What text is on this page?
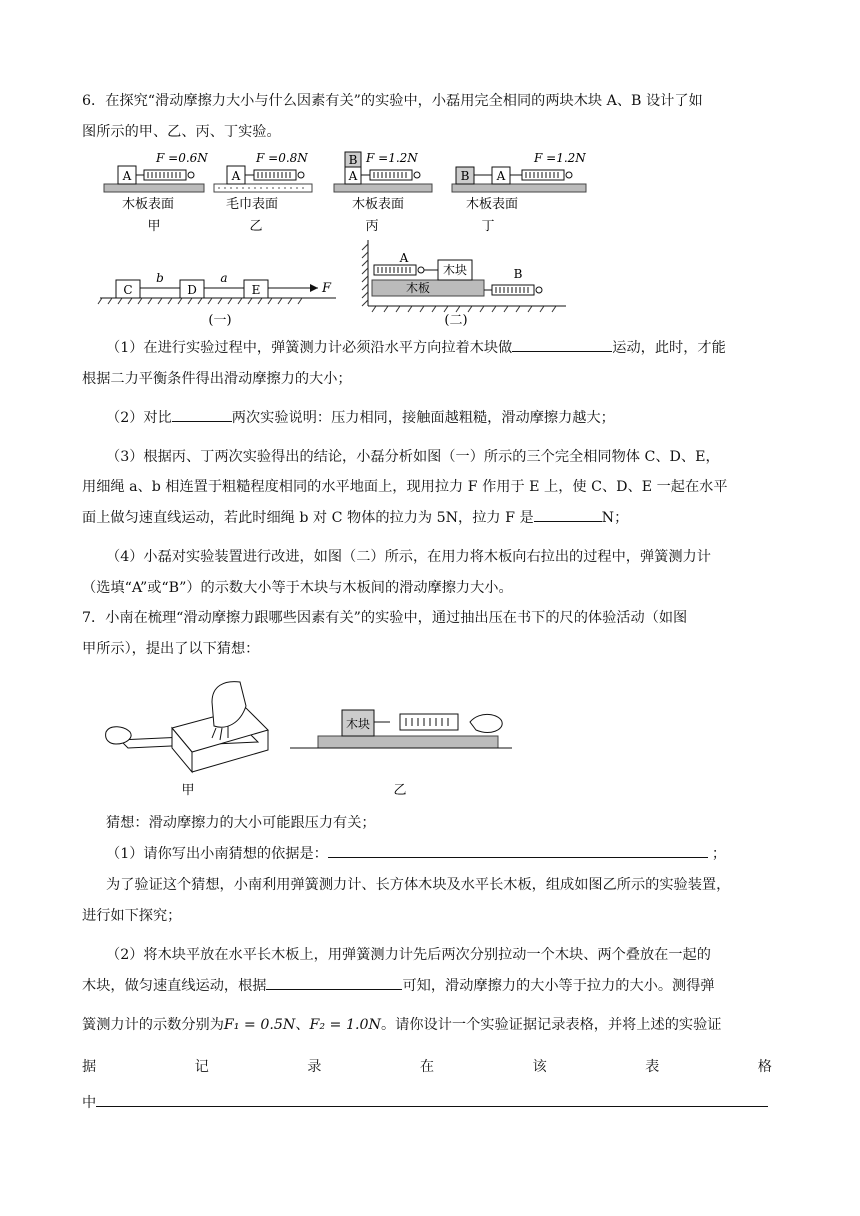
6．在探究“滑动摩擦力大小与什么因素有关”的实验中，小磊用完全相同的两块木块 A、B 设计了如
图所示的甲、乙、丙、丁实验。
A
F =0.6N
木板表面
甲
A
F =0.8N
毛巾表面
乙
B
A
F =1.2N
木板表面
丙
B A
F =1.2N
木板表面
丁
C
b
D
a
E	F
(一)
木板
A
木块	B
(二)
（1）在进行实验过程中，弹簧测力计必须沿水平方向拉着木块做	运动，此时，才能
根据二力平衡条件得出滑动摩擦力的大小；
（2）对比	两次实验说明：压力相同，接触面越粗糙，滑动摩擦力越大；
（3）根据丙、丁两次实验得出的结论，小磊分析如图（一）所示的三个完全相同物体 C、D、E，
用细绳 a、b 相连置于粗糙程度相同的水平地面上，现用拉力 F 作用于 E 上，使 C、D、E 一起在水平
面上做匀速直线运动，若此时细绳 b 对 C 物体的拉力为 5N，拉力 F 是	N；
（4）小磊对实验装置进行改进，如图（二）所示，在用力将木板向右拉出的过程中，弹簧测力计
（选填“A”或“B”）的示数大小等于木块与木板间的滑动摩擦力大小。
7．小南在梳理“滑动摩擦力跟哪些因素有关”的实验中，通过抽出压在书下的尺的体验活动（如图
甲所示），提出了以下猜想：
甲
木块
乙
猜想：滑动摩擦力的大小可能跟压力有关；
（1）请你写出小南猜想的依据是：	；
为了验证这个猜想，小南利用弹簧测力计、长方体木块及水平长木板，组成如图乙所示的实验装置，
进行如下探究；
（2）将木块平放在水平长木板上，用弹簧测力计先后两次分别拉动一个木块、两个叠放在一起的
木块，做匀速直线运动，根据	可知，滑动摩擦力的大小等于拉力的大小。测得弹
簧测力计的示数分别为F₁ = 0.5N、F₂ = 1.0N。请你设计一个实验证据记录表格，并将上述的实验证
据	记	录	在	该	表	格
中
